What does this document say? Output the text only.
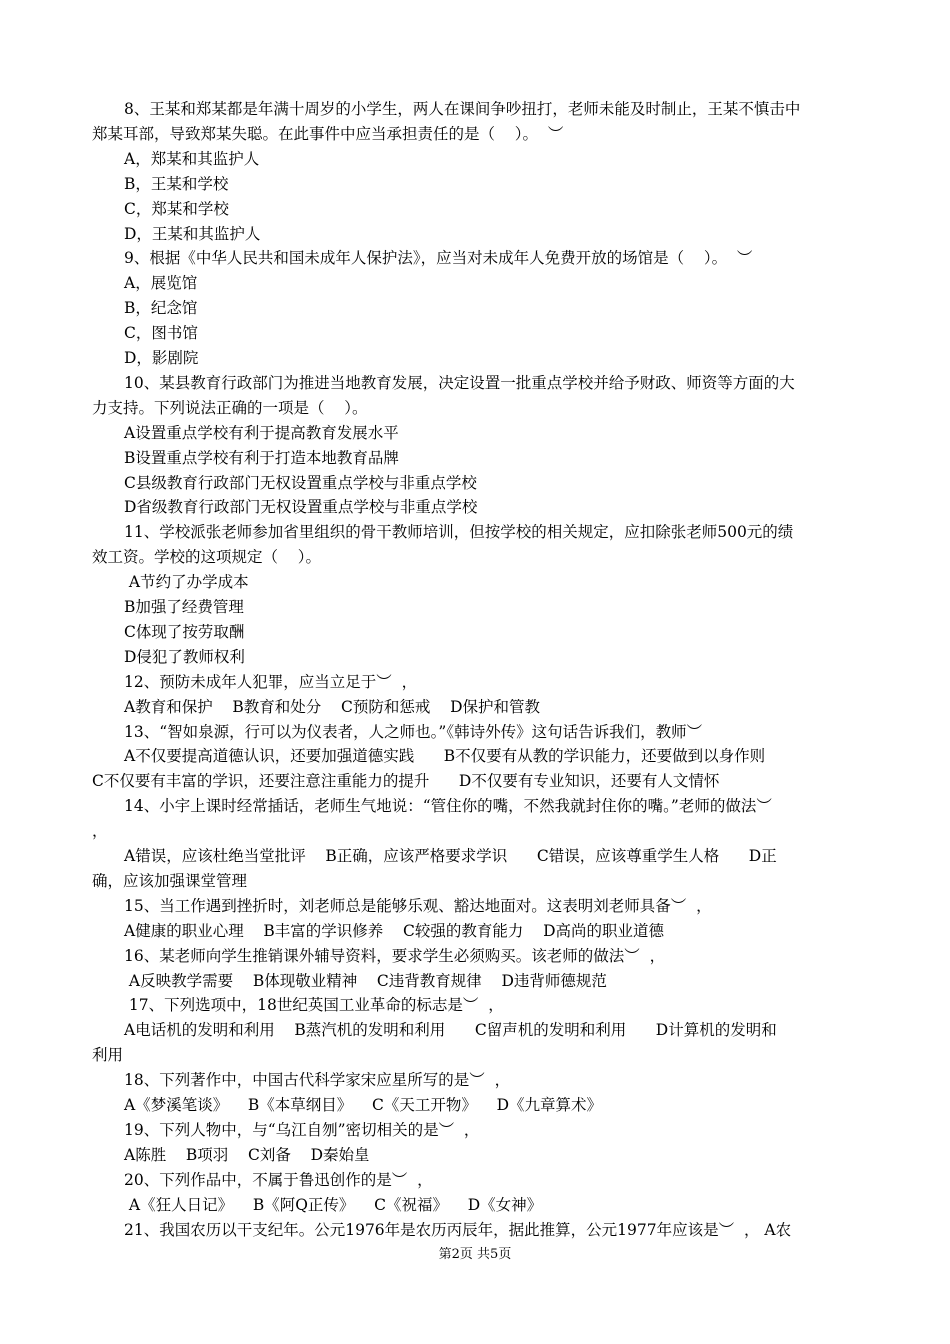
8、王某和郑某都是年满十周岁的小学生，两人在课间争吵扭打，老师未能及时制止，王某不慎击中
郑某耳部，导致郑某失聪。在此事件中应当承担责任的是（    ）。  ︶
A，郑某和其监护人
B，王某和学校
C，郑某和学校
D，王某和其监护人
9、根据《中华人民共和国未成年人保护法》，应当对未成年人免费开放的场馆是（    ）。  ︶
A，展览馆
B，纪念馆
C，图书馆
D，影剧院
10、某县教育行政部门为推进当地教育发展，决定设置一批重点学校并给予财政、师资等方面的大
力支持。下列说法正确的一项是（    ）。
A设置重点学校有利于提高教育发展水平
B设置重点学校有利于打造本地教育品牌
C县级教育行政部门无权设置重点学校与非重点学校
D省级教育行政部门无权设置重点学校与非重点学校
11、学校派张老师参加省里组织的骨干教师培训，但按学校的相关规定，应扣除张老师500元的绩
效工资。学校的这项规定（    ）。
A节约了办学成本
B加强了经费管理
C体现了按劳取酬
D侵犯了教师权利
12、预防未成年人犯罪，应当立足于︶  ，
A教育和保护    B教育和处分    C预防和惩戒    D保护和管教
13、“智如泉源，行可以为仪表者，人之师也。”《韩诗外传》这句话告诉我们，教师︶
A不仅要提高道德认识，还要加强道德实践      B不仅要有从教的学识能力，还要做到以身作则
C不仅要有丰富的学识，还要注意注重能力的提升      D不仅要有专业知识，还要有人文情怀
14、小宇上课时经常插话，老师生气地说：“管住你的嘴，不然我就封住你的嘴。”老师的做法︶
，
A错误，应该杜绝当堂批评    B正确，应该严格要求学识      C错误，应该尊重学生人格      D正
确，应该加强课堂管理
15、当工作遇到挫折时，刘老师总是能够乐观、豁达地面对。这表明刘老师具备︶  ，
A健康的职业心理    B丰富的学识修养    C较强的教育能力    D高尚的职业道德
16、某老师向学生推销课外辅导资料，要求学生必须购买。该老师的做法︶  ，
A反映教学需要    B体现敬业精神    C违背教育规律    D违背师德规范
17、下列选项中，18世纪英国工业革命的标志是︶  ，
A电话机的发明和利用    B蒸汽机的发明和利用      C留声机的发明和利用      D计算机的发明和
利用
18、下列著作中，中国古代科学家宋应星所写的是︶  ，
A《梦溪笔谈》    B《本草纲目》    C《天工开物》    D《九章算术》
19、下列人物中，与“乌江自刎”密切相关的是︶  ，
A陈胜    B项羽    C刘备    D秦始皇
20、下列作品中，不属于鲁迅创作的是︶  ，
A《狂人日记》    B《阿Q正传》    C《祝福》    D《女神》
21、我国农历以干支纪年。公元1976年是农历丙辰年，据此推算，公元1977年应该是︶  ， A农
第2页 共5页
